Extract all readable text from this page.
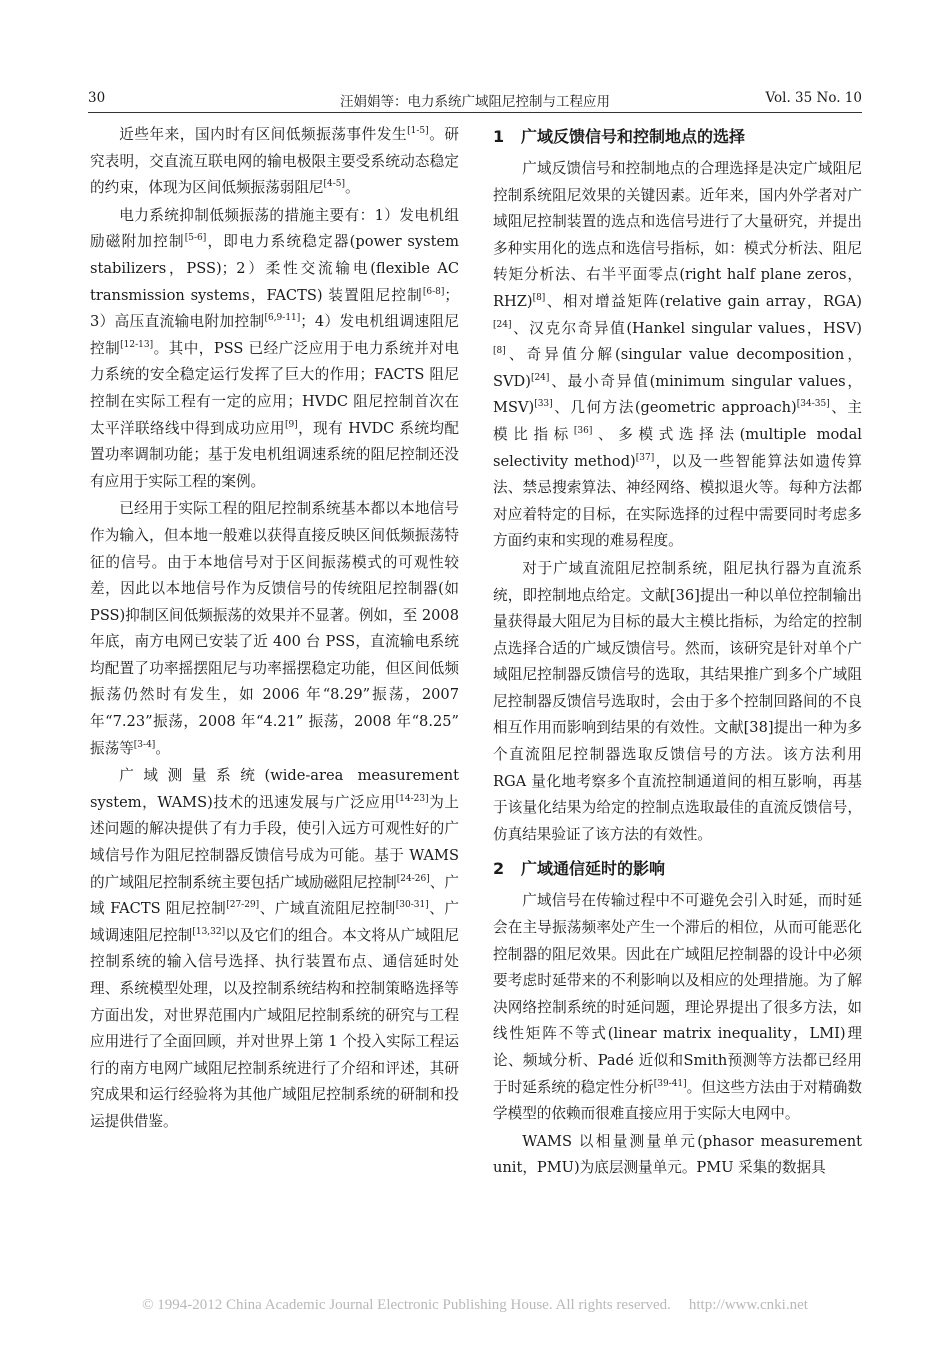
30	汪娟娟等：电力系统广域阻尼控制与工程应用	Vol. 35 No. 10

近些年来，国内时有区间低频振荡事件发生[1-5]。研究表明，交直流互联电网的输电极限主要受系统动态稳定的约束，体现为区间低频振荡弱阻尼[4-5]。

电力系统抑制低频振荡的措施主要有：1）发电机组励磁附加控制[5-6]，即电力系统稳定器(power system stabilizers，PSS)；2）柔性交流输电(flexible AC transmission systems，FACTS) 装置阻尼控制[6-8]；3）高压直流输电附加控制[6,9-11]；4）发电机组调速阻尼控制[12-13]。其中，PSS 已经广泛应用于电力系统并对电力系统的安全稳定运行发挥了巨大的作用；FACTS 阻尼控制在实际工程有一定的应用；HVDC 阻尼控制首次在太平洋联络线中得到成功应用[9]，现有 HVDC 系统均配置功率调制功能；基于发电机组调速系统的阻尼控制还没有应用于实际工程的案例。

已经用于实际工程的阻尼控制系统基本都以本地信号作为输入，但本地一般难以获得直接反映区间低频振荡特征的信号。由于本地信号对于区间振荡模式的可观性较差，因此以本地信号作为反馈信号的传统阻尼控制器(如 PSS)抑制区间低频振荡的效果并不显著。例如，至 2008 年底，南方电网已安装了近 400 台 PSS，直流输电系统均配置了功率摇摆阻尼与功率摇摆稳定功能，但区间低频振荡仍然时有发生，如 2006 年“8.29”振荡，2007 年“7.23”振荡，2008 年“4.21” 振荡，2008 年“8.25” 振荡等[3-4]。

广域测量系统(wide-area measurement system，WAMS)技术的迅速发展与广泛应用[14-23]为上述问题的解决提供了有力手段，使引入远方可观性好的广域信号作为阻尼控制器反馈信号成为可能。基于 WAMS 的广域阻尼控制系统主要包括广域励磁阻尼控制[24-26]、广域 FACTS 阻尼控制[27-29]、广域直流阻尼控制[30-31]、广域调速阻尼控制[13,32]以及它们的组合。本文将从广域阻尼控制系统的输入信号选择、执行装置布点、通信延时处理、系统模型处理，以及控制系统结构和控制策略选择等方面出发，对世界范围内广域阻尼控制系统的研究与工程应用进行了全面回顾，并对世界上第 1 个投入实际工程运行的南方电网广域阻尼控制系统进行了介绍和评述，其研究成果和运行经验将为其他广域阻尼控制系统的研制和投运提供借鉴。

1 广域反馈信号和控制地点的选择

广域反馈信号和控制地点的合理选择是决定广域阻尼控制系统阻尼效果的关键因素。近年来，国内外学者对广域阻尼控制装置的选点和选信号进行了大量研究，并提出多种实用化的选点和选信号指标，如：模式分析法、阻尼转矩分析法、右半平面零点(right half plane zeros，RHZ)[8]、相对增益矩阵(relative gain array，RGA)[24]、汉克尔奇异值(Hankel singular values，HSV)[8]、奇异值分解(singular value decomposition，SVD)[24]、最小奇异值(minimum singular values，MSV)[33]、几何方法(geometric approach)[34-35]、主模比指标[36]、多模式选择法(multiple modal selectivity method)[37]，以及一些智能算法如遗传算法、禁忌搜索算法、神经网络、模拟退火等。每种方法都对应着特定的目标，在实际选择的过程中需要同时考虑多方面约束和实现的难易程度。

对于广域直流阻尼控制系统，阻尼执行器为直流系统，即控制地点给定。文献[36]提出一种以单位控制输出量获得最大阻尼为目标的最大主模比指标，为给定的控制点选择合适的广域反馈信号。然而，该研究是针对单个广域阻尼控制器反馈信号的选取，其结果推广到多个广域阻尼控制器反馈信号选取时，会由于多个控制回路间的不良相互作用而影响到结果的有效性。文献[38]提出一种为多个直流阻尼控制器选取反馈信号的方法。该方法利用 RGA 量化地考察多个直流控制通道间的相互影响，再基于该量化结果为给定的控制点选取最佳的直流反馈信号，仿真结果验证了该方法的有效性。

2 广域通信延时的影响

广域信号在传输过程中不可避免会引入时延，而时延会在主导振荡频率处产生一个滞后的相位，从而可能恶化控制器的阻尼效果。因此在广域阻尼控制器的设计中必须要考虑时延带来的不利影响以及相应的处理措施。为了解决网络控制系统的时延问题，理论界提出了很多方法，如线性矩阵不等式(linear matrix inequality，LMI)理论、频域分析、Padé 近似和Smith预测等方法都已经用于时延系统的稳定性分析[39-41]。但这些方法由于对精确数学模型的依赖而很难直接应用于实际大电网中。

WAMS 以相量测量单元(phasor measurement unit，PMU)为底层测量单元。PMU 采集的数据具

© 1994-2012 China Academic Journal Electronic Publishing House. All rights reserved. http://www.cnki.net
